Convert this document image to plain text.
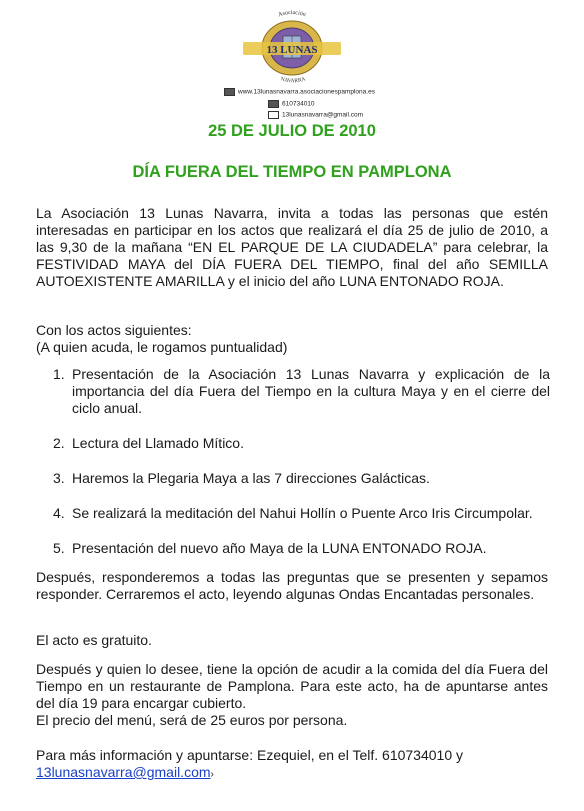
Asociación
13 LUNAS
NAVARRA
www.13lunasnavarra.asociacionespamplona.es
610734010
13lunasnavarra@gmail.com
25 DE JULIO DE 2010
DÍA FUERA DEL TIEMPO EN PAMPLONA

La Asociación 13 Lunas Navarra, invita a todas las personas que estén interesadas en participar en los actos que realizará el día 25 de julio de 2010, a las 9,30 de la mañana “EN EL PARQUE DE LA CIUDADELA” para celebrar, la FESTIVIDAD MAYA del DÍA FUERA DEL TIEMPO, final del año SEMILLA AUTOEXISTENTE AMARILLA y el inicio del año LUNA ENTONADO ROJA.

Con los actos siguientes:
(A quien acuda, le rogamos puntualidad)

1. Presentación de la Asociación 13 Lunas Navarra y explicación de la importancia del día Fuera del Tiempo en la cultura Maya y en el cierre del ciclo anual.
2. Lectura del Llamado Mítico.
3. Haremos la Plegaria Maya a las 7 direcciones Galácticas.
4. Se realizará la meditación del Nahui Hollín o Puente Arco Iris Circumpolar.
5. Presentación del nuevo año Maya de la LUNA ENTONADO ROJA.

Después, responderemos a todas las preguntas que se presenten y sepamos responder. Cerraremos el acto, leyendo algunas Ondas Encantadas personales.

El acto es gratuito.

Después y quien lo desee, tiene la opción de acudir a la comida del día Fuera del Tiempo en un restaurante de Pamplona. Para este acto, ha de apuntarse antes del día 19 para encargar cubierto.
El precio del menú, será de 25 euros por persona.

Para más información y apuntarse: Ezequiel, en el Telf. 610734010 y
13lunasnavarra@gmail.com›
